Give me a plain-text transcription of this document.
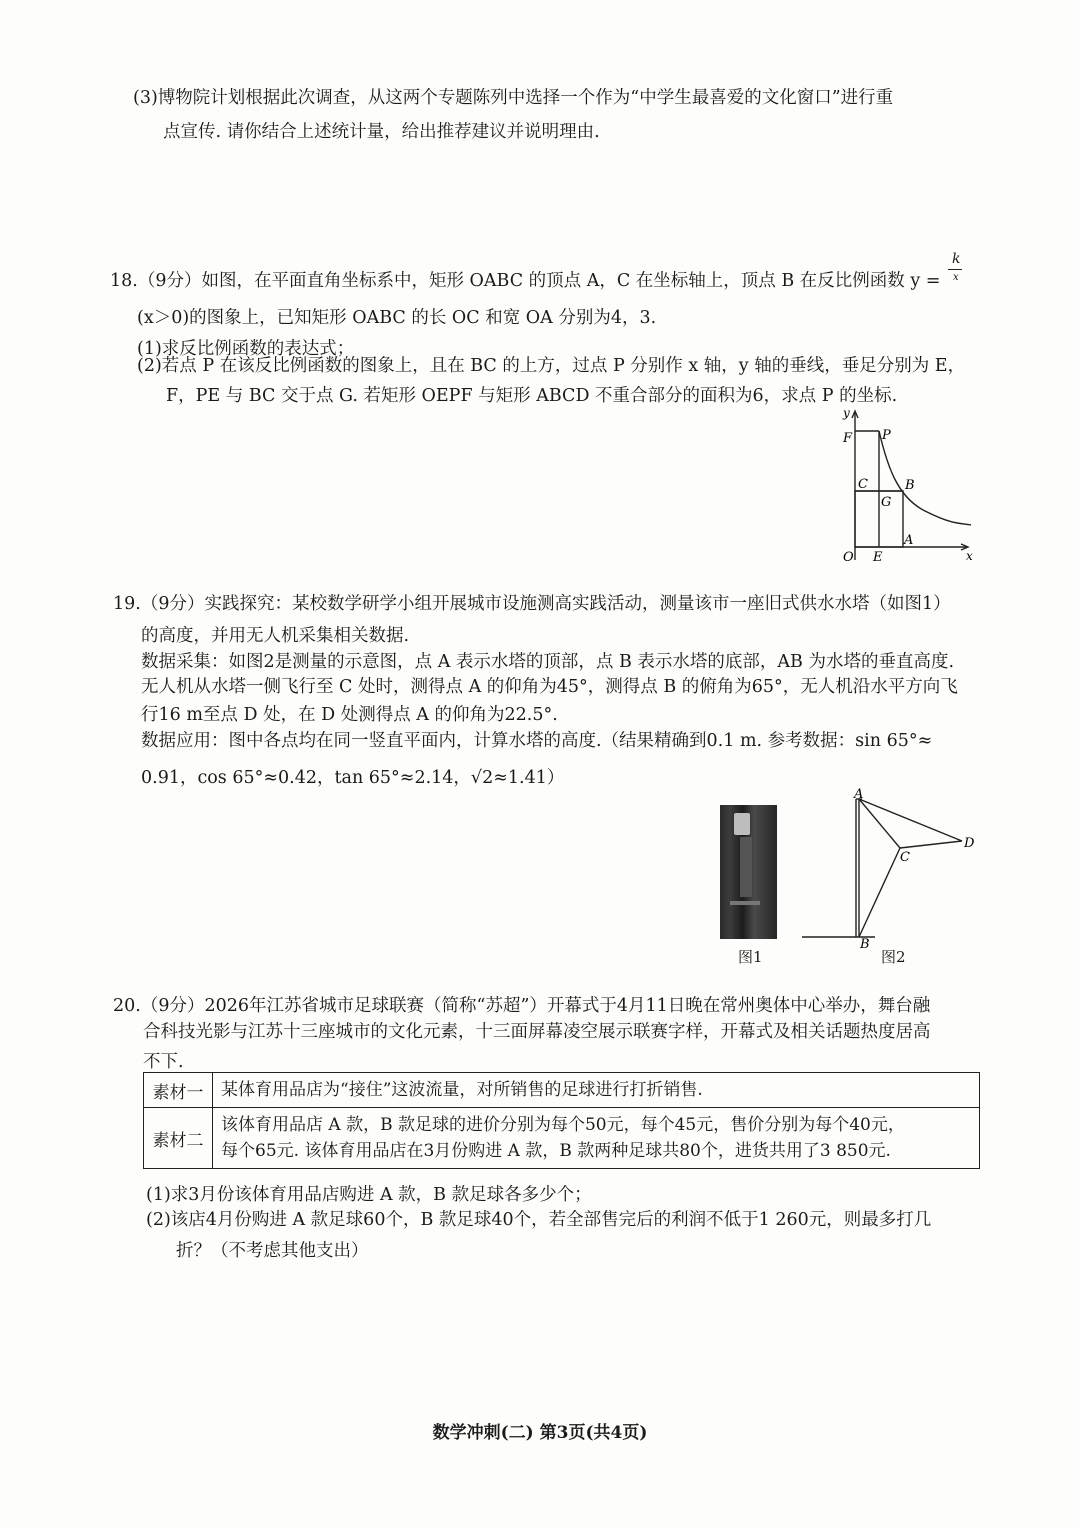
(3)博物院计划根据此次调查，从这两个专题陈列中选择一个作为“中学生最喜爱的文化窗口”进行重
点宣传. 请你结合上述统计量，给出推荐建议并说明理由.
18.（9分）如图，在平面直角坐标系中，矩形 OABC 的顶点 A，C 在坐标轴上，顶点 B 在反比例函数 y =
k
x
(x＞0)的图象上，已知矩形 OABC 的长 OC 和宽 OA 分别为4，3.
(1)求反比例函数的表达式；
(2)若点 P 在该反比例函数的图象上，且在 BC 的上方，过点 P 分别作 x 轴，y 轴的垂线，垂足分别为 E，
F，PE 与 BC 交于点 G. 若矩形 OEPF 与矩形 ABCD 不重合部分的面积为6，求点 P 的坐标.
y
x
O E
A
B
C
G
F P
19.（9分）实践探究：某校数学研学小组开展城市设施测高实践活动，测量该市一座旧式供水水塔（如图1）
的高度，并用无人机采集相关数据.
数据采集：如图2是测量的示意图，点 A 表示水塔的顶部，点 B 表示水塔的底部，AB 为水塔的垂直高度.
无人机从水塔一侧飞行至 C 处时，测得点 A 的仰角为45°，测得点 B 的俯角为65°，无人机沿水平方向飞
行16 m至点 D 处，在 D 处测得点 A 的仰角为22.5°.
数据应用：图中各点均在同一竖直平面内，计算水塔的高度.（结果精确到0.1 m. 参考数据：sin 65°≈
0.91，cos 65°≈0.42，tan 65°≈2.14，√2≈1.41）
图1
A
B
C
D
图2
20.（9分）2026年江苏省城市足球联赛（简称“苏超”）开幕式于4月11日晚在常州奥体中心举办，舞台融
合科技光影与江苏十三座城市的文化元素，十三面屏幕凌空展示联赛字样，开幕式及相关话题热度居高
不下.
素材一	某体育用品店为“接住”这波流量，对所销售的足球进行打折销售.

素材二	该体育用品店 A 款，B 款足球的进价分别为每个50元，每个45元，售价分别为每个40元，
每个65元. 该体育用品店在3月份购进 A 款，B 款两种足球共80个，进货共用了3 850元.
(1)求3月份该体育用品店购进 A 款，B 款足球各多少个；
(2)该店4月份购进 A 款足球60个，B 款足球40个，若全部售完后的利润不低于1 260元，则最多打几
折？（不考虑其他支出）
数学冲刺(二) 第3页(共4页)
